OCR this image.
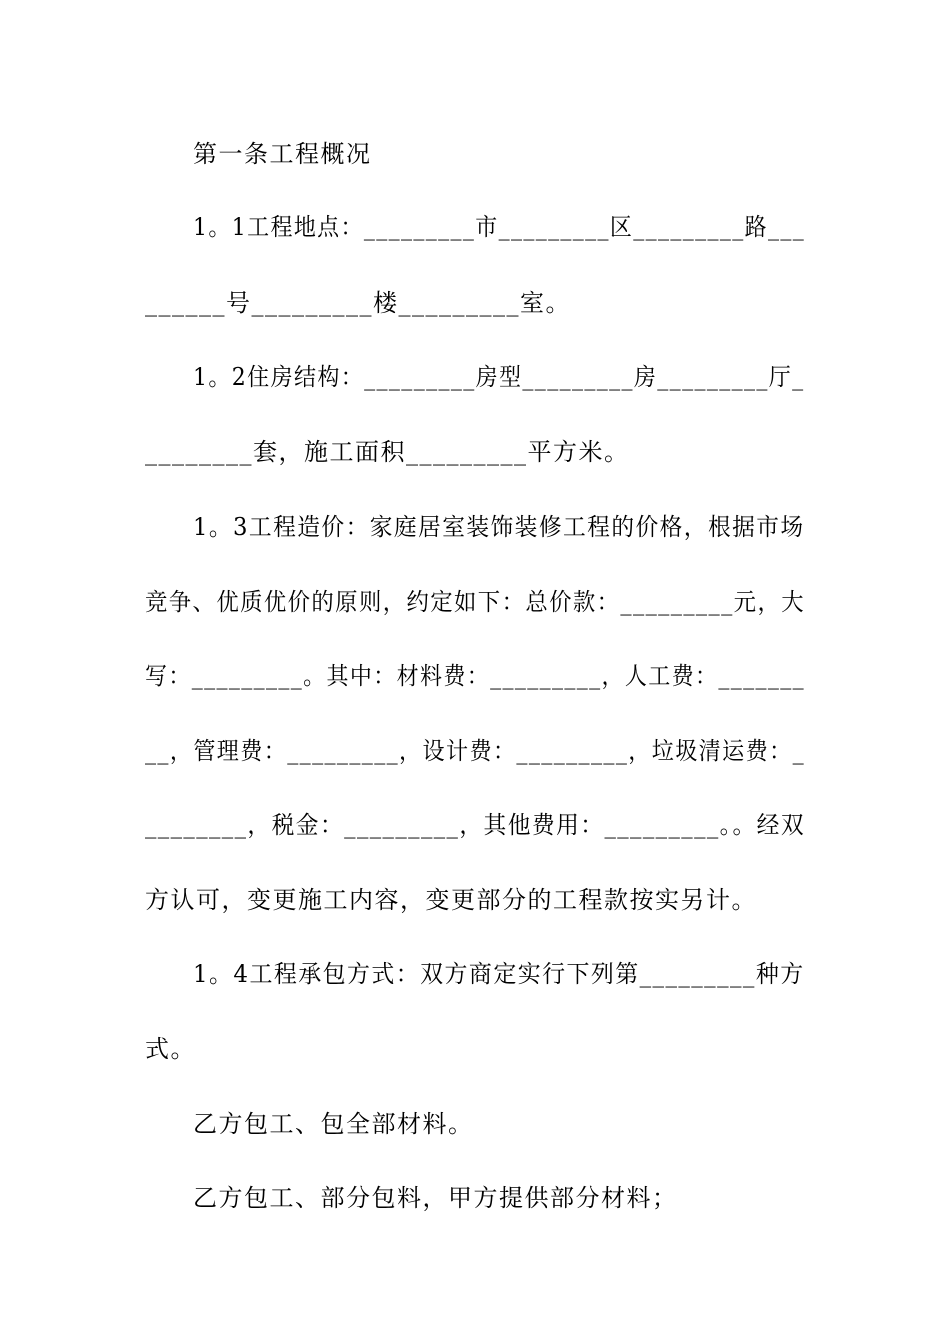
第一条工程概况
1。1工程地点：_________市_________区_________路___
______号_________楼_________室。
1。2住房结构：_________房型_________房_________厅_
________套，施工面积_________平方米。
1。3工程造价：家庭居室装饰装修工程的价格，根据市场
竞争、优质优价的原则，约定如下：总价款：_________元，大
写：_________。其中：材料费：_________，人工费：_______
__，管理费：_________，设计费：_________，垃圾清运费：_
________，税金：_________，其他费用：_________。。经双
方认可，变更施工内容，变更部分的工程款按实另计。
1。4工程承包方式：双方商定实行下列第_________种方
式。
乙方包工、包全部材料。
乙方包工、部分包料，甲方提供部分材料；
